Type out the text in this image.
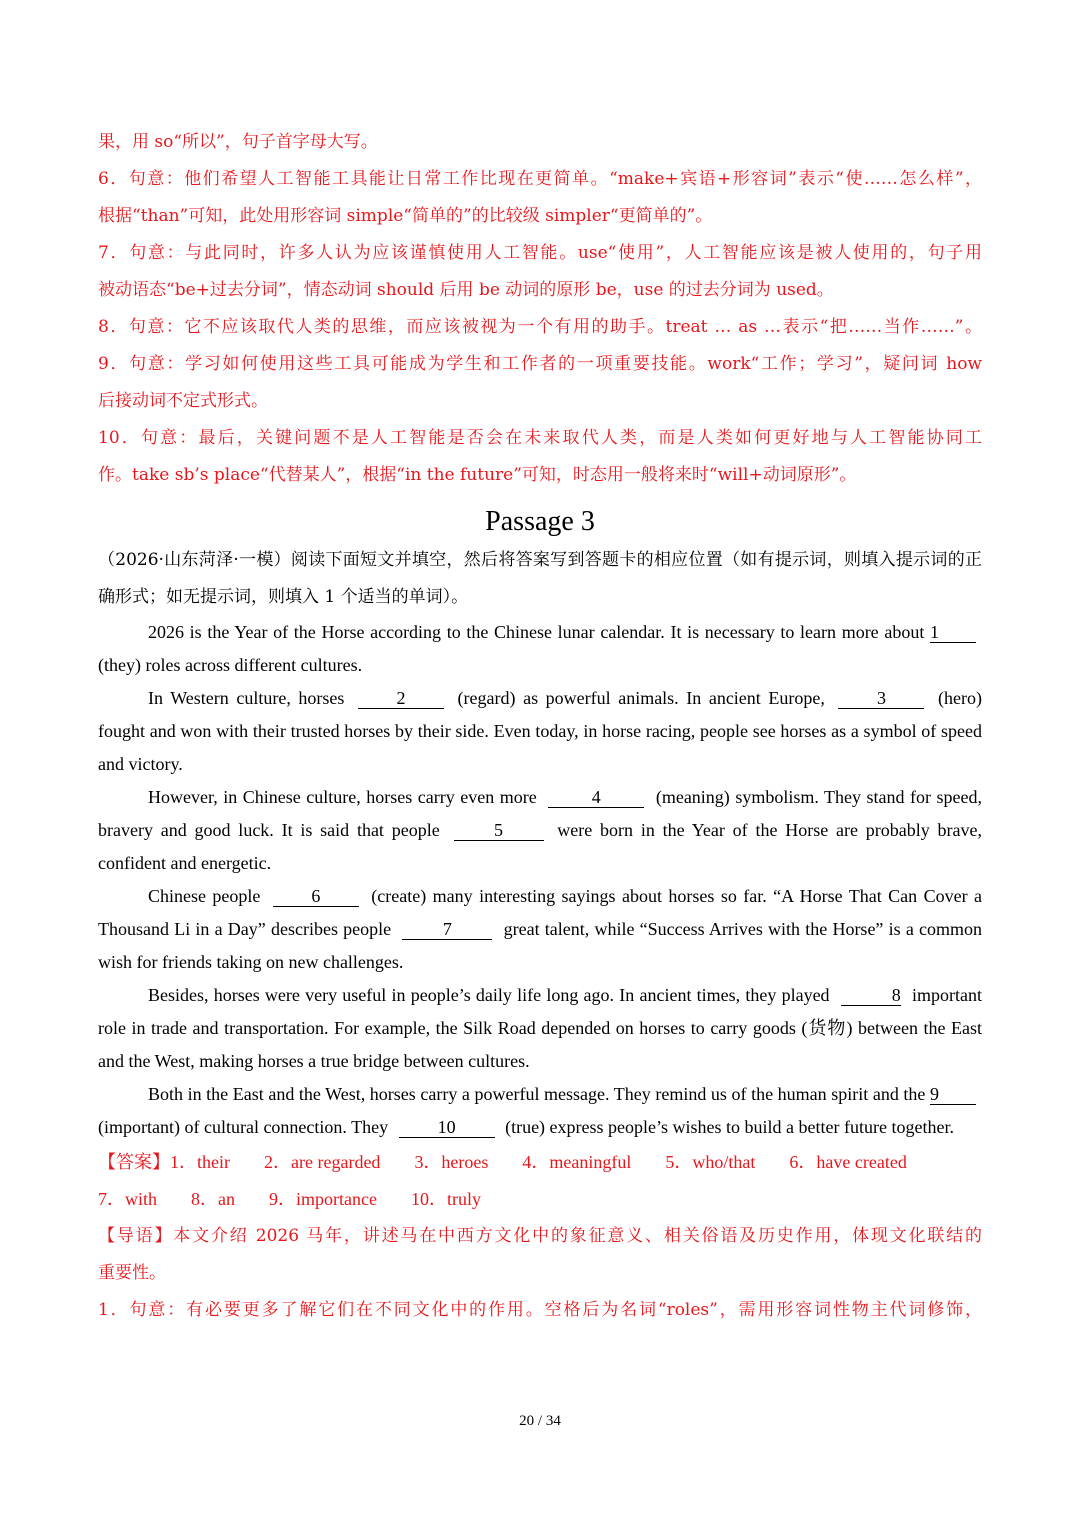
果，用 so“所以”，句子首字母大写。
6．句意：他们希望人工智能工具能让日常工作比现在更简单。“make+宾语+形容词”表示“使……怎么样”，
根据“than”可知，此处用形容词 simple“简单的”的比较级 simpler“更简单的”。
7．句意：与此同时，许多人认为应该谨慎使用人工智能。use“使用”，人工智能应该是被人使用的，句子用
被动语态“be+过去分词”，情态动词 should 后用 be 动词的原形 be，use 的过去分词为 used。
8．句意：它不应该取代人类的思维，而应该被视为一个有用的助手。treat … as …表示“把……当作……”。
9．句意：学习如何使用这些工具可能成为学生和工作者的一项重要技能。work“工作；学习”，疑问词 how
后接动词不定式形式。
10．句意：最后，关键问题不是人工智能是否会在未来取代人类，而是人类如何更好地与人工智能协同工
作。take sb’s place“代替某人”，根据“in the future”可知，时态用一般将来时“will+动词原形”。
Passage 3
（2026·山东菏泽·一模）阅读下面短文并填空，然后将答案写到答题卡的相应位置（如有提示词，则填入提示词的正确形式；如无提示词，则填入 1 个适当的单词）。

2026 is the Year of the Horse according to the Chinese lunar calendar. It is necessary to learn more about 1 (they) roles across different cultures.

In Western culture, horses	2	(regard) as powerful animals. In ancient Europe,	3	(hero) fought and won with their trusted horses by their side. Even today, in horse racing, people see horses as a symbol of speed and victory.

However, in Chinese culture, horses carry even more	4	(meaning) symbolism. They stand for speed, bravery and good luck. It is said that people	5	were born in the Year of the Horse are probably brave, confident and energetic.

Chinese people	6	(create) many interesting sayings about horses so far. “A Horse That Can Cover a Thousand Li in a Day” describes people	7	great talent, while “Success Arrives with the Horse” is a common wish for friends taking on new challenges.

Besides, horses were very useful in people’s daily life long ago. In ancient times, they played	8 important role in trade and transportation. For example, the Silk Road depended on horses to carry goods (货物) between the East and the West, making horses a true bridge between cultures.

Both in the East and the West, horses carry a powerful message. They remind us of the human spirit and the 9 (important) of cultural connection. They	10	(true) express people’s wishes to build a better future together.

【答案】1．their 2．are regarded 3．heroes 4．meaningful 5．who/that 6．have created
7．with 8．an 9．importance 10．truly
【导语】本文介绍 2026 马年，讲述马在中西方文化中的象征意义、相关俗语及历史作用，体现文化联结的
重要性。
1．句意：有必要更多了解它们在不同文化中的作用。空格后为名词“roles”，需用形容词性物主代词修饰，
20 / 34
